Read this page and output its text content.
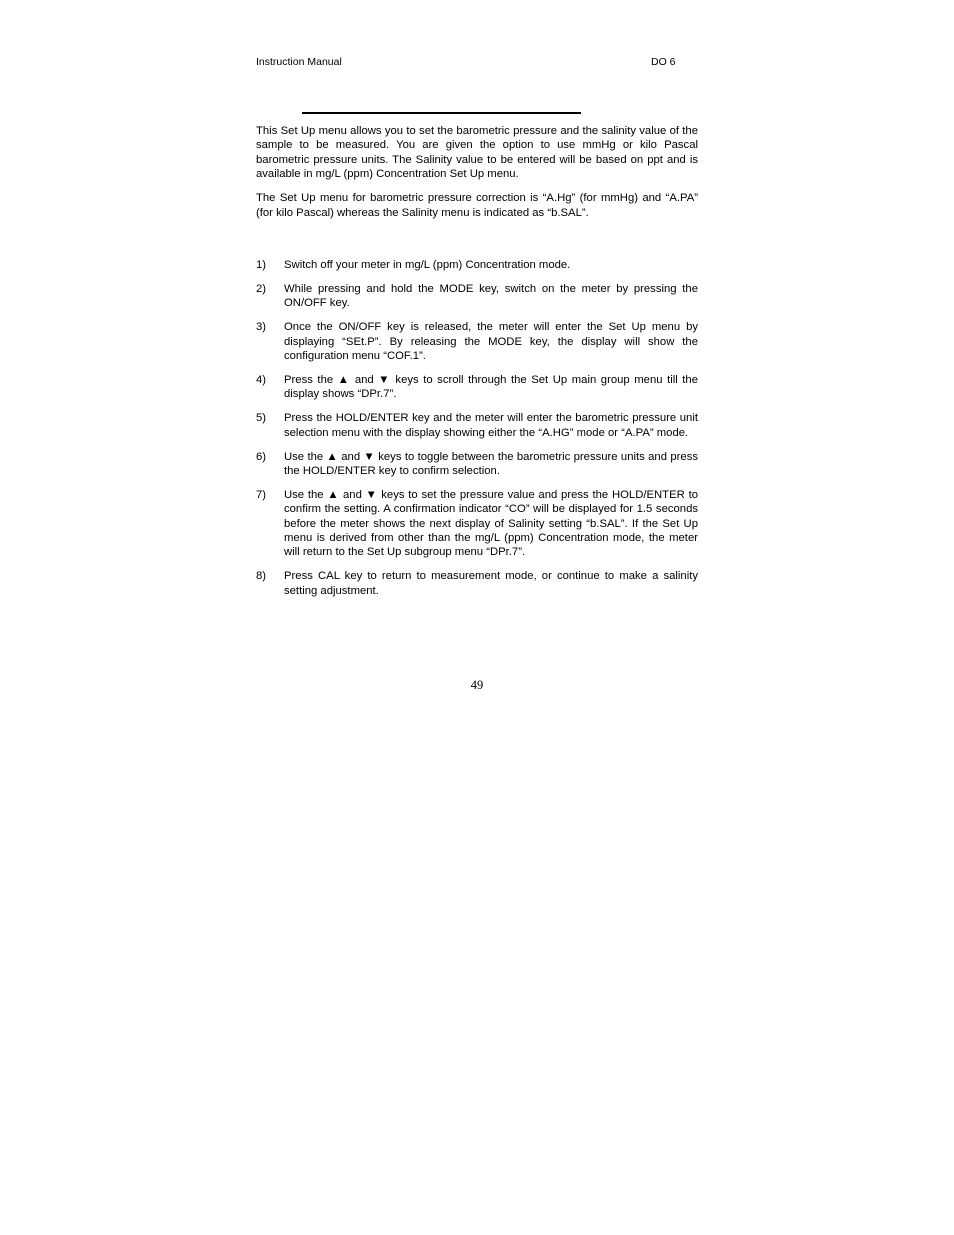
Instruction Manual	DO 6

This Set Up menu allows you to set the barometric pressure and the salinity value of the sample to be measured. You are given the option to use mmHg or kilo Pascal barometric pressure units. The Salinity value to be entered will be based on ppt and is available in mg/L (ppm) Concentration Set Up menu.

The Set Up menu for barometric pressure correction is “A.Hg” (for mmHg) and “A.PA” (for kilo Pascal) whereas the Salinity menu is indicated as “b.SAL”.

1)	Switch off your meter in mg/L (ppm) Concentration mode.
2)	While pressing and hold the MODE key, switch on the meter by pressing the ON/OFF key.
3)	Once the ON/OFF key is released, the meter will enter the Set Up menu by displaying “SEt.P”. By releasing the MODE key, the display will show the configuration menu “COF.1”.
4)	Press the ▲ and ▼ keys to scroll through the Set Up main group menu till the display shows “DPr.7”.
5)	Press the HOLD/ENTER key and the meter will enter the barometric pressure unit selection menu with the display showing either the “A.HG” mode or “A.PA” mode.
6)	Use the ▲ and ▼ keys to toggle between the barometric pressure units and press the HOLD/ENTER key to confirm selection.
7)	Use the ▲ and ▼ keys to set the pressure value and press the HOLD/ENTER to confirm the setting. A confirmation indicator “CO” will be displayed for 1.5 seconds before the meter shows the next display of Salinity setting “b.SAL”. If the Set Up menu is derived from other than the mg/L (ppm) Concentration mode, the meter will return to the Set Up subgroup menu “DPr.7”.
8)	Press CAL key to return to measurement mode, or continue to make a salinity setting adjustment.
49
